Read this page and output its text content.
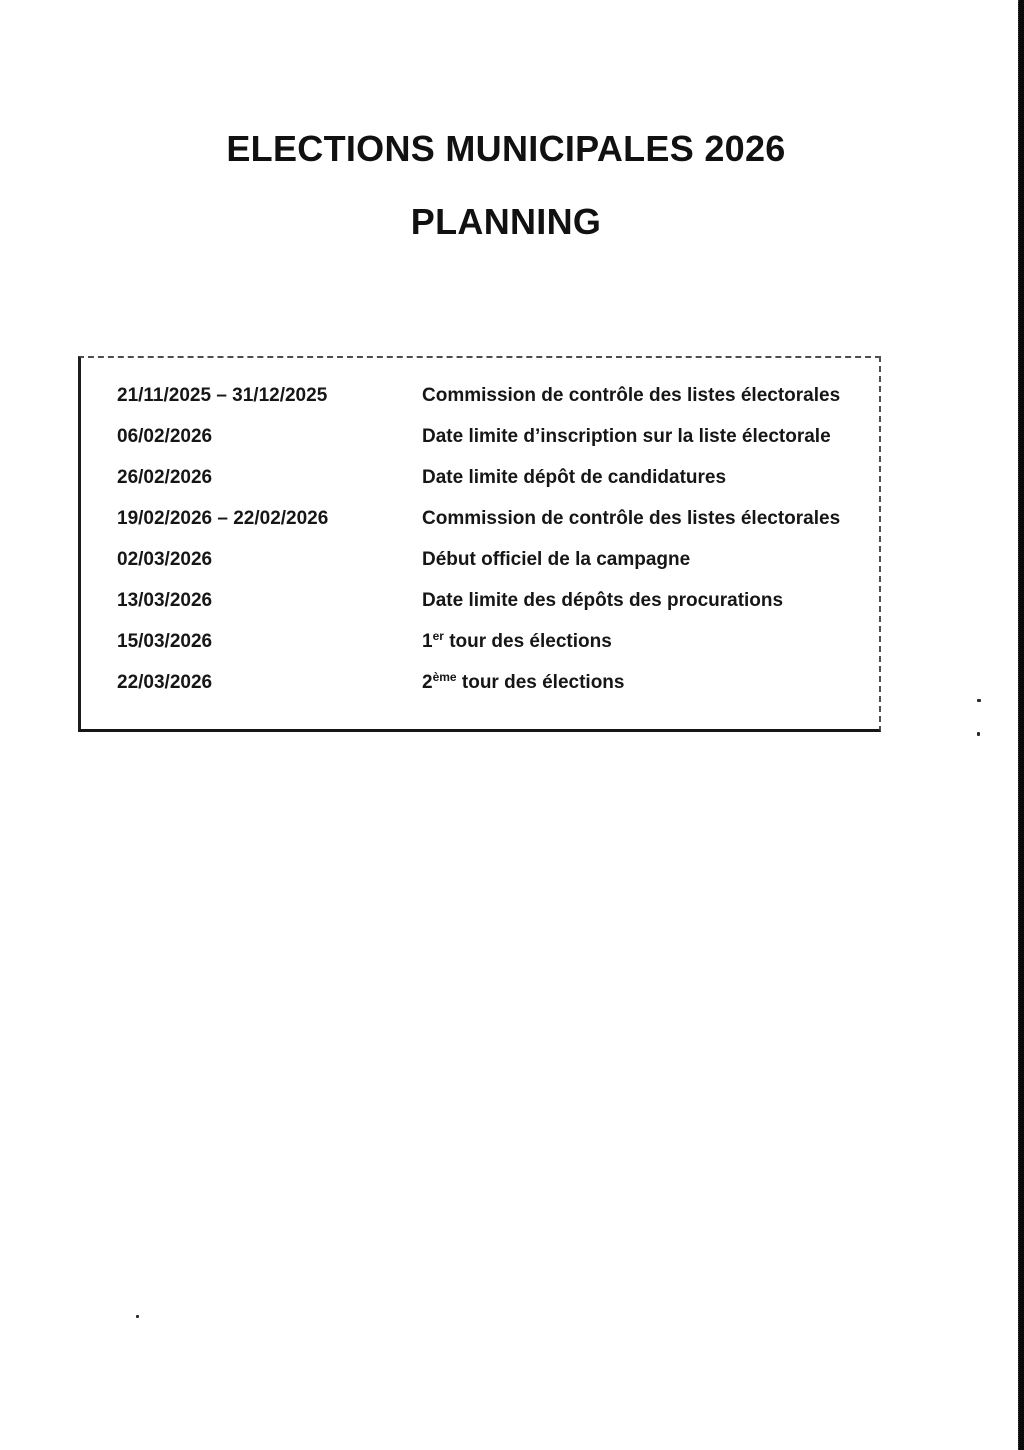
ELECTIONS MUNICIPALES 2026
PLANNING
21/11/2025 – 31/12/2025	Commission de contrôle des listes électorales
06/02/2026	Date limite d’inscription sur la liste électorale
26/02/2026	Date limite dépôt de candidatures
19/02/2026 – 22/02/2026	Commission de contrôle des listes électorales
02/03/2026	Début officiel de la campagne
13/03/2026	Date limite des dépôts des procurations
15/03/2026	1er tour des élections
22/03/2026	2ème tour des élections
